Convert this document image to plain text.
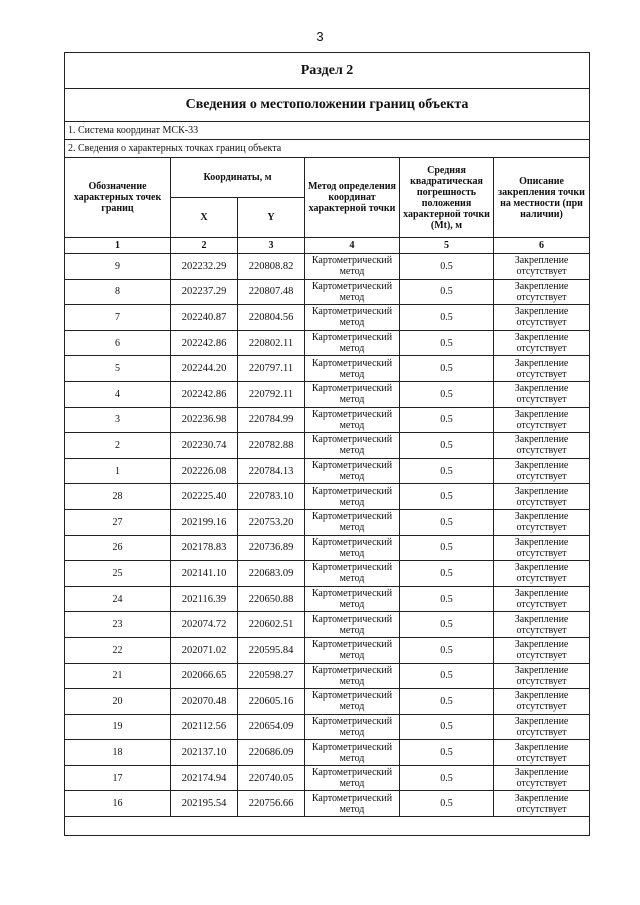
3
Раздел 2					
Сведения о местоположении границ объекта					
1. Система координат МСК-33					
2. Сведения о характерных точках границ объекта					
Обозначение характерных точек границ	Координаты, м		Метод определения координат характерной точки	Средняя квадратическая погрешность положения характерной точки (Mt), м	Описание закрепления точки на местности (при наличии)
	X	Y			
1	2	3	4	5	6
9	202232.29	220808.82	Картометрический метод	0.5	Закрепление отсутствует
8	202237.29	220807.48	Картометрический метод	0.5	Закрепление отсутствует
7	202240.87	220804.56	Картометрический метод	0.5	Закрепление отсутствует
6	202242.86	220802.11	Картометрический метод	0.5	Закрепление отсутствует
5	202244.20	220797.11	Картометрический метод	0.5	Закрепление отсутствует
4	202242.86	220792.11	Картометрический метод	0.5	Закрепление отсутствует
3	202236.98	220784.99	Картометрический метод	0.5	Закрепление отсутствует
2	202230.74	220782.88	Картометрический метод	0.5	Закрепление отсутствует
1	202226.08	220784.13	Картометрический метод	0.5	Закрепление отсутствует
28	202225.40	220783.10	Картометрический метод	0.5	Закрепление отсутствует
27	202199.16	220753.20	Картометрический метод	0.5	Закрепление отсутствует
26	202178.83	220736.89	Картометрический метод	0.5	Закрепление отсутствует
25	202141.10	220683.09	Картометрический метод	0.5	Закрепление отсутствует
24	202116.39	220650.88	Картометрический метод	0.5	Закрепление отсутствует
23	202074.72	220602.51	Картометрический метод	0.5	Закрепление отсутствует
22	202071.02	220595.84	Картометрический метод	0.5	Закрепление отсутствует
21	202066.65	220598.27	Картометрический метод	0.5	Закрепление отсутствует
20	202070.48	220605.16	Картометрический метод	0.5	Закрепление отсутствует
19	202112.56	220654.09	Картометрический метод	0.5	Закрепление отсутствует
18	202137.10	220686.09	Картометрический метод	0.5	Закрепление отсутствует
17	202174.94	220740.05	Картометрический метод	0.5	Закрепление отсутствует
16	202195.54	220756.66	Картометрический метод	0.5	Закрепление отсутствует
